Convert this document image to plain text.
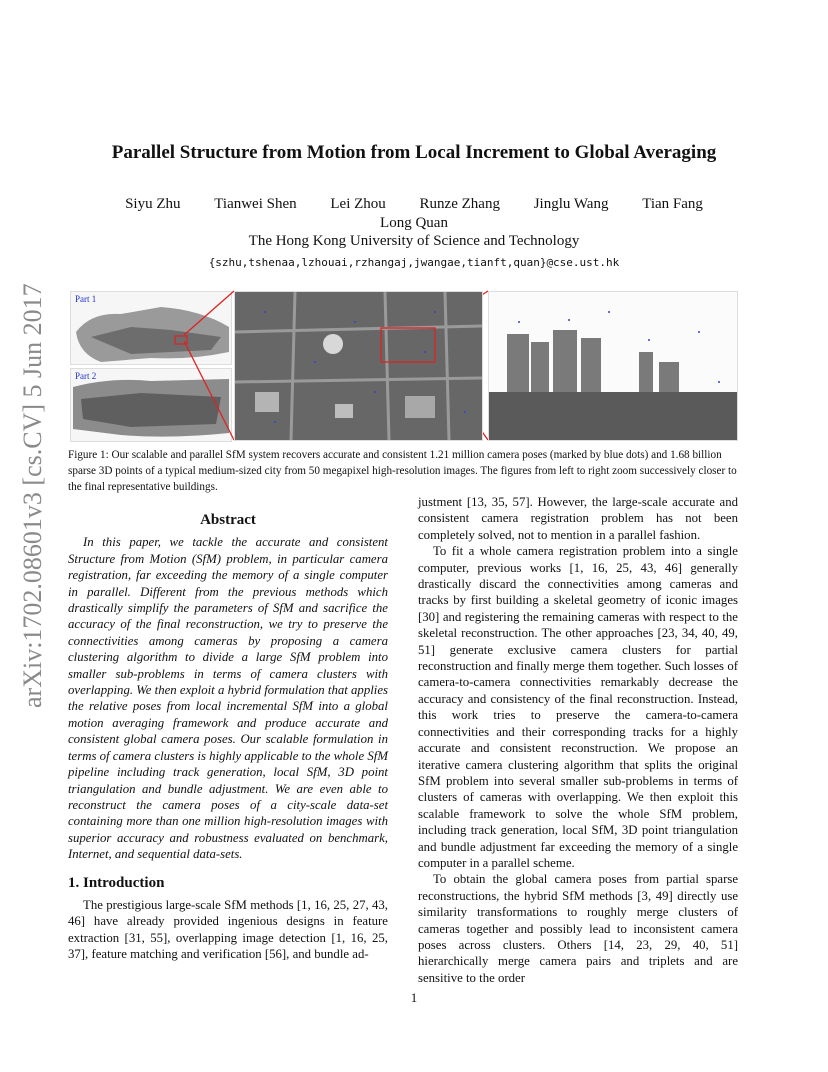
Parallel Structure from Motion from Local Increment to Global Averaging
Siyu Zhu Tianwei Shen Lei Zhou Runze Zhang Jinglu Wang Tian Fang
Long Quan
The Hong Kong University of Science and Technology
{szhu,tshenaa,lzhouai,rzhangaj,jwangae,tianft,quan}@cse.ust.hk
arXiv:1702.08601v3 [cs.CV] 5 Jun 2017	Part 1
Part 2
Figure 1: Our scalable and parallel SfM system recovers accurate and consistent 1.21 million camera poses (marked by blue dots) and 1.68 billion sparse 3D points of a typical medium-sized city from 50 megapixel high-resolution images. The figures from left to right zoom successively closer to the final representative buildings.
Abstract

In this paper, we tackle the accurate and consistent Structure from Motion (SfM) problem, in particular camera registration, far exceeding the memory of a single computer in parallel. Different from the previous methods which drastically simplify the parameters of SfM and sacrifice the accuracy of the final reconstruction, we try to preserve the connectivities among cameras by proposing a camera clustering algorithm to divide a large SfM problem into smaller sub-problems in terms of camera clusters with overlapping. We then exploit a hybrid formulation that applies the relative poses from local incremental SfM into a global motion averaging framework and produce accurate and consistent global camera poses. Our scalable formulation in terms of camera clusters is highly applicable to the whole SfM pipeline including track generation, local SfM, 3D point triangulation and bundle adjustment. We are even able to reconstruct the camera poses of a city-scale data-set containing more than one million high-resolution images with superior accuracy and robustness evaluated on benchmark, Internet, and sequential data-sets.

1. Introduction

The prestigious large-scale SfM methods [1, 16, 25, 27, 43, 46] have already provided ingenious designs in feature extraction [31, 55], overlapping image detection [1, 16, 25, 37], feature matching and verification [56], and bundle ad-

justment [13, 35, 57]. However, the large-scale accurate and consistent camera registration problem has not been completely solved, not to mention in a parallel fashion.

To fit a whole camera registration problem into a single computer, previous works [1, 16, 25, 43, 46] generally drastically discard the connectivities among cameras and tracks by first building a skeletal geometry of iconic images [30] and registering the remaining cameras with respect to the skeletal reconstruction. The other approaches [23, 34, 40, 49, 51] generate exclusive camera clusters for partial reconstruction and finally merge them together. Such losses of camera-to-camera connectivities remarkably decrease the accuracy and consistency of the final reconstruction. Instead, this work tries to preserve the camera-to-camera connectivities and their corresponding tracks for a highly accurate and consistent reconstruction. We propose an iterative camera clustering algorithm that splits the original SfM problem into several smaller sub-problems in terms of clusters of cameras with overlapping. We then exploit this scalable framework to solve the whole SfM problem, including track generation, local SfM, 3D point triangulation and bundle adjustment far exceeding the memory of a single computer in a parallel scheme.

To obtain the global camera poses from partial sparse reconstructions, the hybrid SfM methods [3, 49] directly use similarity transformations to roughly merge clusters of cameras together and possibly lead to inconsistent camera poses across clusters. Others [14, 23, 29, 40, 51] hierarchically merge camera pairs and triplets and are sensitive to the order

1
